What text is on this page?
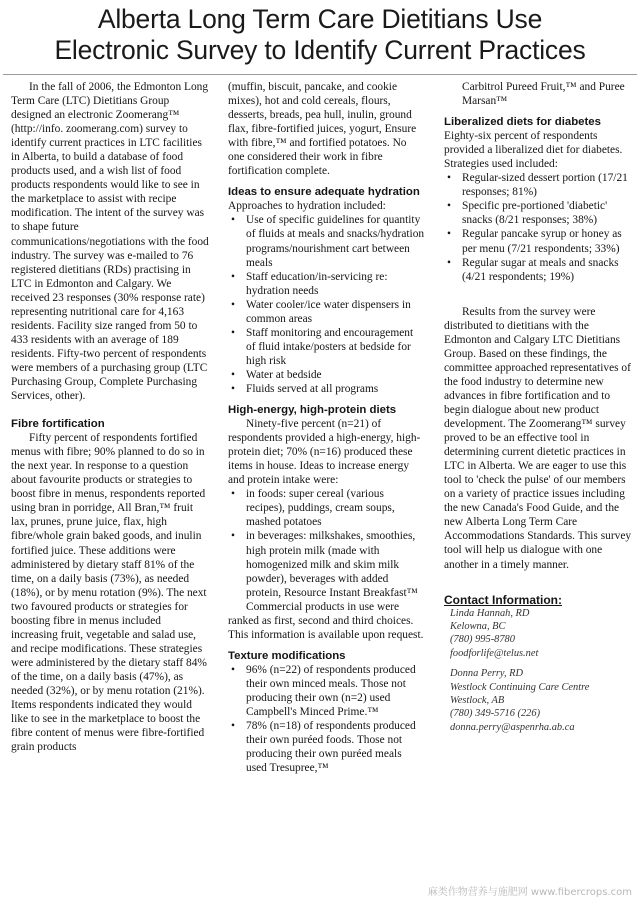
Alberta Long Term Care Dietitians Use
Electronic Survey to Identify Current Practices

In the fall of 2006, the Edmonton Long Term Care (LTC) Dietitians Group designed an electronic Zoomerang™ (http://info. zoomerang.com) survey to identify current practices in LTC facilities in Alberta, to build a database of food products used, and a wish list of food products respondents would like to see in the marketplace to assist with recipe modification. The intent of the survey was to shape future communications/negotiations with the food industry. The survey was e-mailed to 76 registered dietitians (RDs) practising in LTC in Edmonton and Calgary. We received 23 responses (30% response rate) representing nutritional care for 4,163 residents. Facility size ranged from 50 to 433 residents with an average of 189 residents. Fifty-two percent of respondents were members of a purchasing group (LTC Purchasing Group, Complete Purchasing Services, other).

Fibre fortification

Fifty percent of respondents fortified menus with fibre; 90% planned to do so in the next year. In response to a question about favourite products or strategies to boost fibre in menus, respondents reported using bran in porridge, All Bran,™ fruit lax, prunes, prune juice, flax, high fibre/whole grain baked goods, and inulin fortified juice. These additions were administered by dietary staff 81% of the time, on a daily basis (73%), as needed (18%), or by menu rotation (9%). The next two favoured products or strategies for boosting fibre in menus included increasing fruit, vegetable and salad use, and recipe modifications. These strategies were administered by the dietary staff 84% of the time, on a daily basis (47%), as needed (32%), or by menu rotation (21%). Items respondents indicated they would like to see in the marketplace to boost the fibre content of menus were fibre-fortified grain products

(muffin, biscuit, pancake, and cookie mixes), hot and cold cereals, flours, desserts, breads, pea hull, inulin, ground flax, fibre-fortified juices, yogurt, Ensure with fibre,™ and fortified potatoes. No one considered their work in fibre fortification complete.

Ideas to ensure adequate hydration

Approaches to hydration included:

• Use of specific guidelines for quantity of fluids at meals and snacks/hydration programs/nourishment cart between meals
• Staff education/in-servicing re: hydration needs
• Water cooler/ice water dispensers in common areas
• Staff monitoring and encouragement of fluid intake/posters at bedside for high risk
• Water at bedside
• Fluids served at all programs
High-energy, high-protein diets

Ninety-five percent (n=21) of respondents provided a high-energy, high-protein diet; 70% (n=16) produced these items in house. Ideas to increase energy and protein intake were:

• in foods: super cereal (various recipes), puddings, cream soups, mashed potatoes
• in beverages: milkshakes, smoothies, high protein milk (made with homogenized milk and skim milk powder), beverages with added protein, Resource Instant Breakfast™

Commercial products in use were ranked as first, second and third choices. This information is available upon request.

Texture modifications
• 96% (n=22) of respondents produced their own minced meals. Those not producing their own (n=2) used Campbell's Minced Prime.™
• 78% (n=18) of respondents produced their own puréed foods. Those not producing their own puréed meals used Tresupree,™

Carbitrol Pureed Fruit,™ and Puree Marsan™

Liberalized diets for diabetes

Eighty-six percent of respondents provided a liberalized diet for diabetes. Strategies used included:

• Regular-sized dessert portion (17/21 responses; 81%)
• Specific pre-portioned 'diabetic' snacks (8/21 responses; 38%)
• Regular pancake syrup or honey as per menu (7/21 respondents; 33%)
• Regular sugar at meals and snacks (4/21 respondents; 19%)

Results from the survey were distributed to dietitians with the Edmonton and Calgary LTC Dietitians Group. Based on these findings, the committee approached representatives of the food industry to determine new advances in fibre fortification and to begin dialogue about new product development. The Zoomerang™ survey proved to be an effective tool in determining current dietetic practices in LTC in Alberta. We are eager to use this tool to 'check the pulse' of our members on a variety of practice issues including the new Canada's Food Guide, and the new Alberta Long Term Care Accommodations Standards. This survey tool will help us dialogue with one another in a timely manner.

Contact Information:

Linda Hannah, RD
Kelowna, BC
(780) 995-8780
foodforlife@telus.net
Donna Perry, RD
Westlock Continuing Care Centre
Westlock, AB
(780) 349-5716 (226)
donna.perry@aspenrha.ab.ca
麻类作物营养与施肥网 www.fibercrops.com
